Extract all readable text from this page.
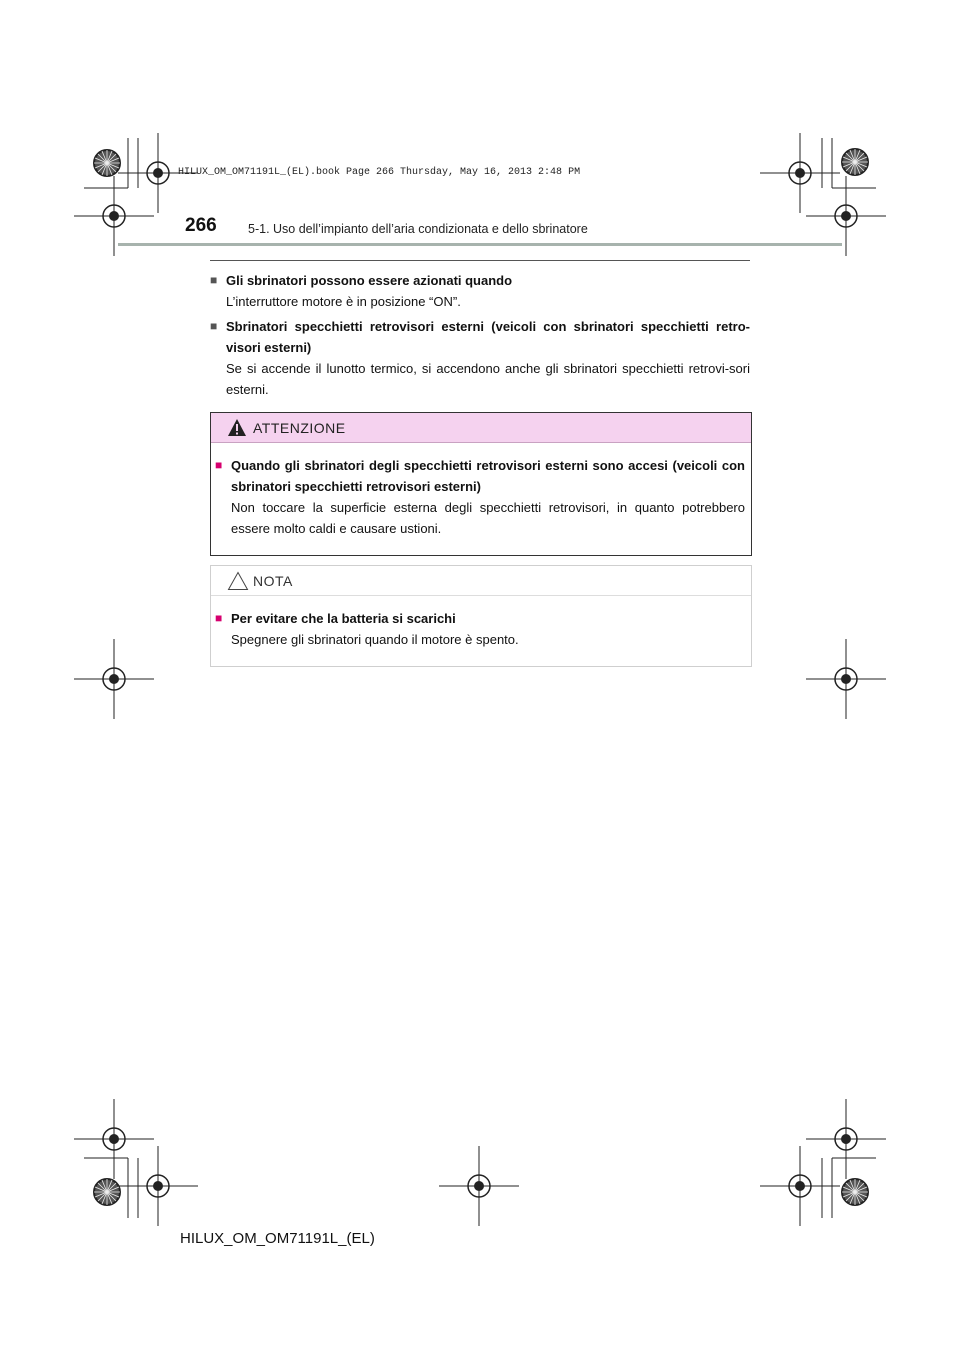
HILUX_OM_OM71191L_(EL).book Page 266 Thursday, May 16, 2013 2:48 PM
266	5-1. Uso dell’impianto dell’aria condizionata e dello sbrinatore
■ Gli sbrinatori possono essere azionati quando
L’interruttore motore è in posizione “ON”.
■ Sbrinatori specchietti retrovisori esterni (veicoli con sbrinatori specchietti retro-visori esterni)
Se si accende il lunotto termico, si accendono anche gli sbrinatori specchietti retrovi-sori esterni.
ATTENZIONE
■ Quando gli sbrinatori degli specchietti retrovisori esterni sono accesi (veicoli con sbrinatori specchietti retrovisori esterni)
Non toccare la superficie esterna degli specchietti retrovisori, in quanto potrebbero essere molto caldi e causare ustioni.
NOTA
■ Per evitare che la batteria si scarichi
Spegnere gli sbrinatori quando il motore è spento.
HILUX_OM_OM71191L_(EL)
